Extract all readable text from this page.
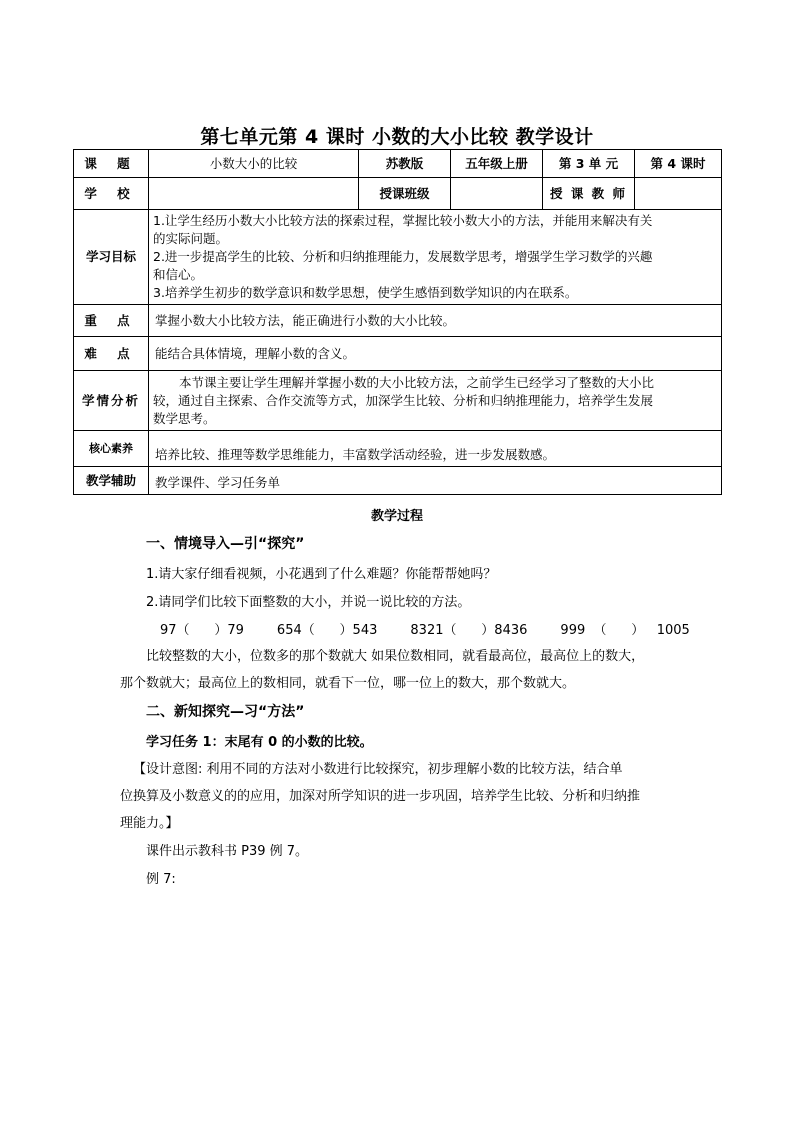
第七单元第 4 课时 小数的大小比较 教学设计
课 题	小数大小的比较	苏教版	五年级上册	第 3 单 元	第 4 课时
学 校		授课班级		授 课 教 师	
学习目标	1.让学生经历小数大小比较方法的探索过程，掌握比较小数大小的方法，并能用来解决有关
的实际问题。
2.进一步提高学生的比较、分析和归纳推理能力，发展数学思考，增强学生学习数学的兴趣
和信心。
3.培养学生初步的数学意识和数学思想，使学生感悟到数学知识的内在联系。				

重 点	掌握小数大小比较方法，能正确进行小数的大小比较。				
难 点	能结合具体情境，理解小数的含义。				
学情分析	本节课主要让学生理解并掌握小数的大小比较方法，之前学生已经学习了整数的大小比
较，通过自主探索、合作交流等方式，加深学生比较、分析和归纳推理能力，培养学生发展
数学思考。				

核心素养	培养比较、推理等数学思维能力，丰富数学活动经验，进一步发展数感。				
教学辅助	教学课件、学习任务单				
教学过程
一、情境导入—引“探究”
1.请大家仔细看视频，小花遇到了什么难题？你能帮帮她吗？
2.请同学们比较下面整数的大小，并说一说比较的方法。
97（      ）79        654（      ）543        8321（      ）8436        999  （      ）   1005
比较整数的大小，位数多的那个数就大 如果位数相同，就看最高位，最高位上的数大，
那个数就大；最高位上的数相同，就看下一位，哪一位上的数大，那个数就大。
二、新知探究—习“方法”
学习任务 1：末尾有 0 的小数的比较。
【设计意图: 利用不同的方法对小数进行比较探究，初步理解小数的比较方法，结合单
位换算及小数意义的的应用，加深对所学知识的进一步巩固，培养学生比较、分析和归纳推
理能力。】
课件出示教科书 P39 例 7。
例 7:
